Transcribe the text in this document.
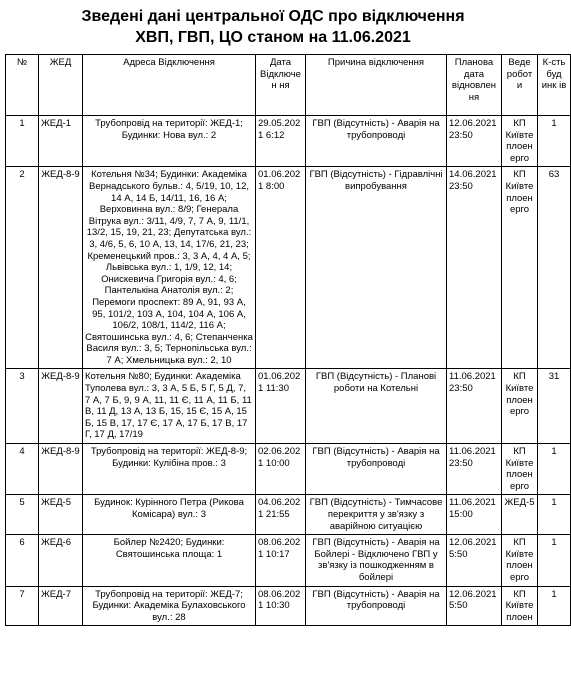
Зведені дані центральної ОДС про відключення
ХВП, ГВП, ЦО станом на 11.06.2021
№	ЖЕД	Адреса Відключення	Дата Відключен ня	Причина відключення	Планова дата відновлен ня	Веде робот и	К-сть буд инк ів
1	ЖЕД-1	Трубопровід на території: ЖЕД-1; Будинки: Нова вул.: 2	29.05.2021 6:12	ГВП (Відсутність) - Аварія на трубопроводі	12.06.2021 23:50	КП Київте плоен ерго	1
2	ЖЕД-8-9	Котельня №34; Будинки: Академіка Вернадського бульв.: 4, 5/19, 10, 12, 14 А, 14 Б, 14/11, 16, 16 А; Верховинна вул.: 8/9; Генерала Вітрука вул.: 3/11, 4/9, 7, 7 А, 9, 11/1, 13/2, 15, 19, 21, 23; Депутатська вул.: 3, 4/6, 5, 6, 10 А, 13, 14, 17/6, 21, 23; Кременецький пров.: 3, 3 А, 4, 4 А, 5; Львівська вул.: 1, 1/9, 12, 14; Онискевича Григорія вул.: 4, 6; Пантелькіна Анатолія вул.: 2; Перемоги проспект: 89 А, 91, 93 А, 95, 101/2, 103 А, 104, 104 А, 106 А, 106/2, 108/1, 114/2, 116 А; Святошинська вул.: 4, 6; Степанченка Василя вул.: 3, 5; Тернопільська вул.: 7 А; Хмельницька вул.: 2, 10	01.06.2021 8:00	ГВП (Відсутність) - Гідравлічні випробування	14.06.2021 23:50	КП Київте плоен ерго	63
3	ЖЕД-8-9	Котельня №80; Будинки: Академіка Туполева вул.: 3, 3 А, 5 Б, 5 Г, 5 Д, 7, 7 А, 7 Б, 9, 9 А, 11, 11 Є, 11 А, 11 Б, 11 В, 11 Д, 13 А, 13 Б, 15, 15 Є, 15 А, 15 Б, 15 В, 17, 17 Є, 17 А, 17 Б, 17 В, 17 Г, 17 Д, 17/19	01.06.2021 11:30	ГВП (Відсутність) - Планові роботи на Котельні	11.06.2021 23:50	КП Київте плоен ерго	31
4	ЖЕД-8-9	Трубопровід на території: ЖЕД-8-9; Будинки: Кулібіна пров.: 3	02.06.2021 10:00	ГВП (Відсутність) - Аварія на трубопроводі	11.06.2021 23:50	КП Київте плоен ерго	1
5	ЖЕД-5	Будинок: Курінного Петра (Рикова Комісара) вул.: 3	04.06.2021 21:55	ГВП (Відсутність) - Тимчасове перекриття у зв'язку з аварійною ситуацією	11.06.2021 15:00	ЖЕД-5	1
6	ЖЕД-6	Бойлер №2420; Будинки: Святошинська площа: 1	08.06.2021 10:17	ГВП (Відсутність) - Аварія на Бойлері - Відключено ГВП у зв'язку із пошкодженням в бойлері	12.06.2021 5:50	КП Київте плоен ерго	1
7	ЖЕД-7	Трубопровід на території: ЖЕД-7; Будинки: Академіка Булаховського вул.: 28	08.06.2021 10:30	ГВП (Відсутність) - Аварія на трубопроводі	12.06.2021 5:50	КП Київте плоен	1
